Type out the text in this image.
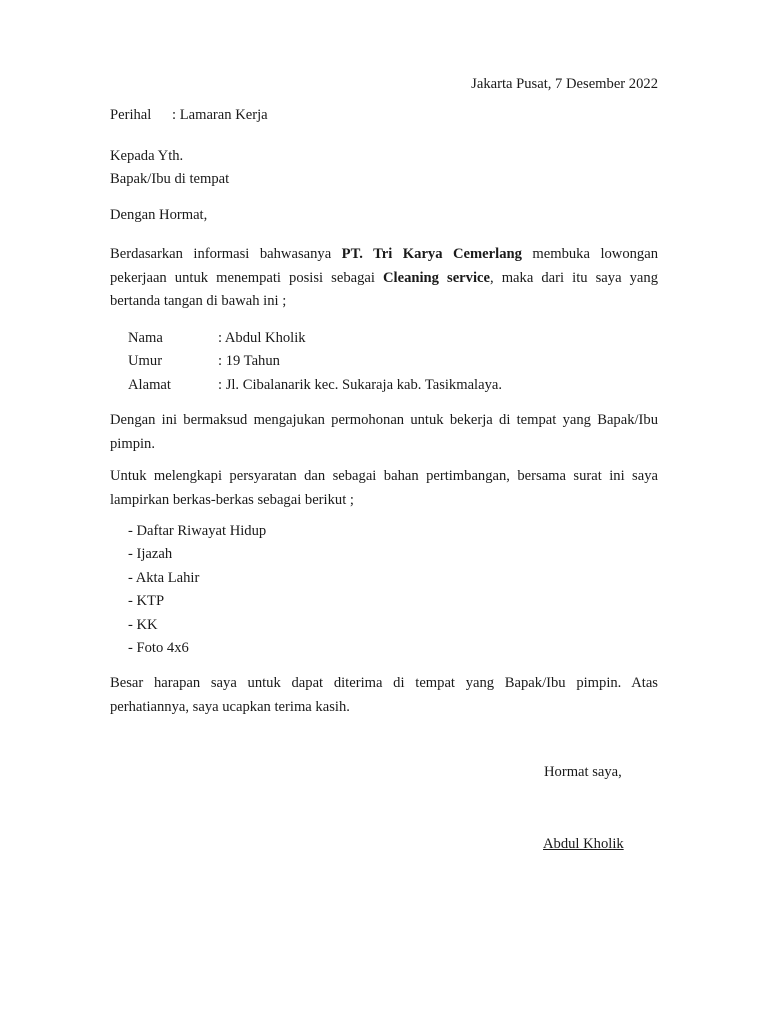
Jakarta Pusat, 7 Desember 2022
Perihal : Lamaran Kerja
Kepada Yth.
Bapak/Ibu di tempat
Dengan Hormat,
Berdasarkan informasi bahwasanya PT. Tri Karya Cemerlang membuka lowongan pekerjaan untuk menempati posisi sebagai Cleaning service, maka dari itu saya yang bertanda tangan di bawah ini ;
Nama	: Abdul Kholik
Umur	: 19 Tahun
Alamat	: Jl. Cibalanarik kec. Sukaraja kab. Tasikmalaya.
Dengan ini bermaksud mengajukan permohonan untuk bekerja di tempat yang Bapak/Ibu pimpin.
Untuk melengkapi persyaratan dan sebagai bahan pertimbangan, bersama surat ini saya lampirkan berkas-berkas sebagai berikut ;
- Daftar Riwayat Hidup
- Ijazah
- Akta Lahir
- KTP
- KK
- Foto 4x6
Besar harapan saya untuk dapat diterima di tempat yang Bapak/Ibu pimpin. Atas perhatiannya, saya ucapkan terima kasih.
Hormat saya,
Abdul Kholik
